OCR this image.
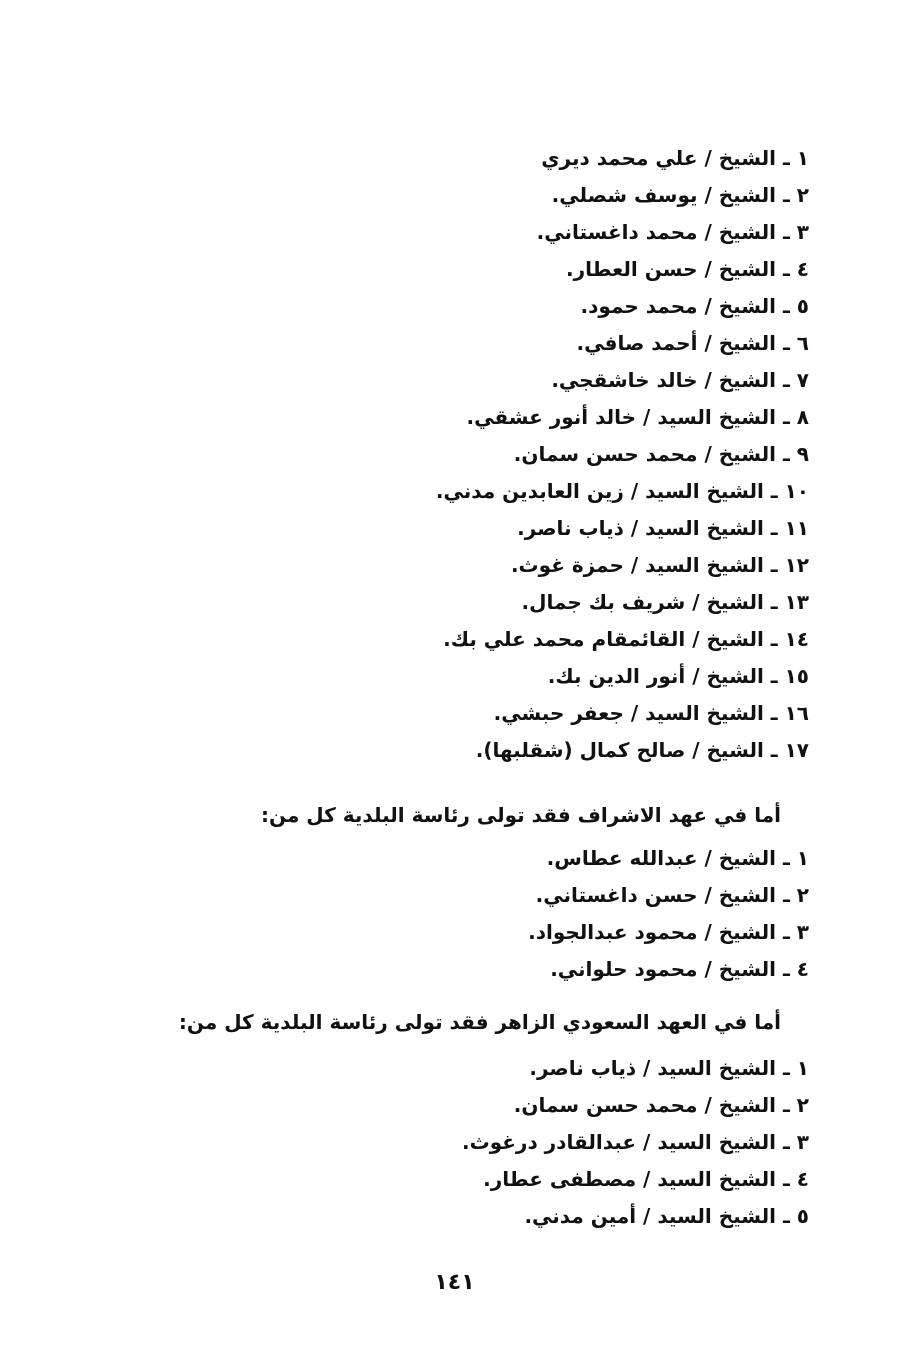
١ ـ الشيخ / علي محمد ديري
٢ ـ الشيخ / يوسف شصلي.
٣ ـ الشيخ / محمد داغستاني.
٤ ـ الشيخ / حسن العطار.
٥ ـ الشيخ / محمد حمود.
٦ ـ الشيخ / أحمد صافي.
٧ ـ الشيخ / خالد خاشقجي.
٨ ـ الشيخ السيد / خالد أنور عشقي.
٩ ـ الشيخ / محمد حسن سمان.
١٠ ـ الشيخ السيد / زين العابدين مدني.
١١ ـ الشيخ السيد / ذياب ناصر.
١٢ ـ الشيخ السيد / حمزة غوث.
١٣ ـ الشيخ / شريف بك جمال.
١٤ ـ الشيخ / القائمقام محمد علي بك.
١٥ ـ الشيخ / أنور الدين بك.
١٦ ـ الشيخ السيد / جعفر حبشي.
١٧ ـ الشيخ / صالح كمال (شقلبها).
أما في عهد الاشراف فقد تولى رئاسة البلدية كل من:
١ ـ الشيخ / عبدالله عطاس.
٢ ـ الشيخ / حسن داغستاني.
٣ ـ الشيخ / محمود عبدالجواد.
٤ ـ الشيخ / محمود حلواني.
أما في العهد السعودي الزاهر فقد تولى رئاسة البلدية كل من:
١ ـ الشيخ السيد / ذياب ناصر.
٢ ـ الشيخ / محمد حسن سمان.
٣ ـ الشيخ السيد / عبدالقادر درغوث.
٤ ـ الشيخ السيد / مصطفى عطار.
٥ ـ الشيخ السيد / أمين مدني.
١٤١
